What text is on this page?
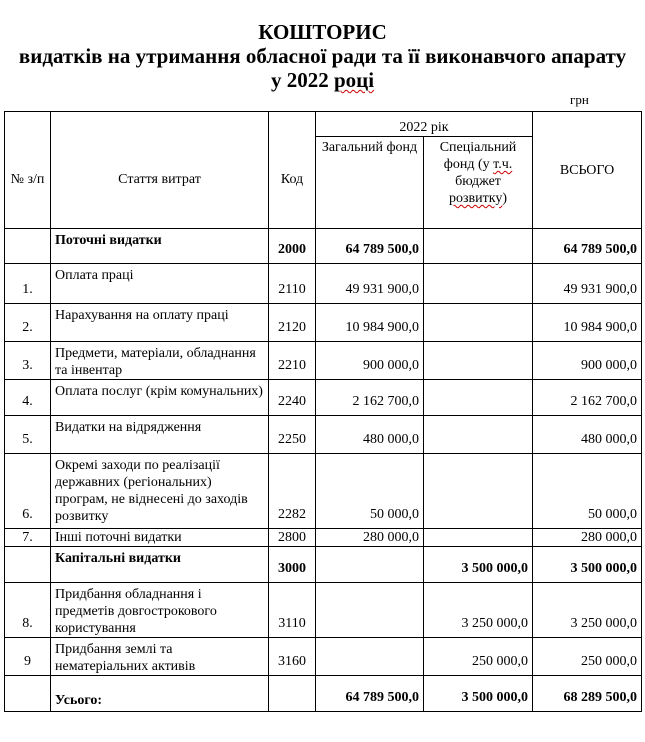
КОШТОРИС
видатків на утримання обласної ради та її виконавчого апарату
у 2022 році
грн
№ з/п	Стаття витрат	Код	2022 рік		ВСЬОГО
			Загальний фонд	Спеціальний фонд (у т.ч. бюджет розвитку)	
	Поточні видатки	2000	64 789 500,0		64 789 500,0
1.	Оплата праці	2110	49 931 900,0		49 931 900,0
2.	Нарахування на оплату праці	2120	10 984 900,0		10 984 900,0
3.	Предмети, матеріали, обладнання та інвентар	2210	900 000,0		900 000,0
4.	Оплата послуг (крім комунальних)	2240	2 162 700,0		2 162 700,0
5.	Видатки на відрядження	2250	480 000,0		480 000,0
6.	Окремі заходи по реалізації державних (регіональних) програм, не віднесені до заходів розвитку	2282	50 000,0		50 000,0
7.	Інші поточні видатки	2800	280 000,0		280 000,0
	Капітальні видатки	3000		3 500 000,0	3 500 000,0
8.	Придбання обладнання і предметів довгострокового користування	3110		3 250 000,0	3 250 000,0
9	Придбання землі та нематеріальних активів	3160		250 000,0	250 000,0
	Усього:		64 789 500,0	3 500 000,0	68 289 500,0
